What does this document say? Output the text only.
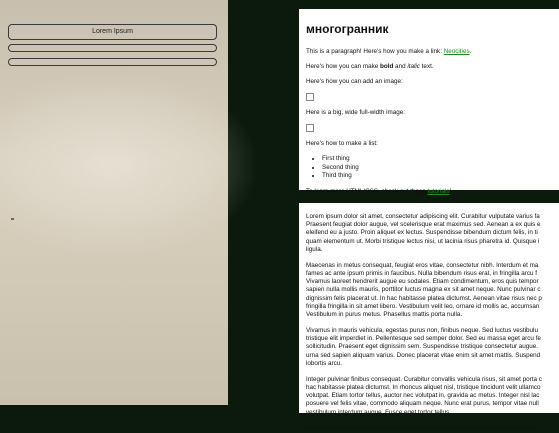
Lorem Ipsum	многогранник

This is a paragraph! Here's how you make a link: Neocities.

Here's how you can make bold and italic text.

Here's how you can add an image:

Here is a big, wide full-width image:

Here's how to make a list:

• First thing
• Second thing
• Third thing

To learn more HTML/CSS, check out these tutorials!

Lorem ipsum dolor sit amet, consectetur adipiscing elit. Curabitur vulputate varius fa
Praesent feugiat dolor augue, vel scelerisque erat maximus sed. Aenean a ex quis e
eleifend eu a justo. Proin aliquet ex lectus. Suspendisse bibendum dictum felis, in ti
quam elementum ut. Morbi tristique lectus nisi, ut lacinia risus pharetra id. Quisque i
ligula.

Maecenas in metus consequat, feugiat eros vitae, consectetur nibh. Interdum et ma
fames ac ante ipsum primis in faucibus. Nulla bibendum risus erat, in fringilla arcu f
Vivamus laoreet hendrerit augue eu sodales. Etiam condimentum, eros quis tempor
sapien nulla mollis mauris, porttitor luctus magna ex sit amet neque. Nunc pulvinar c
dignissim felis placerat ut. In hac habitasse platea dictumst. Aenean vitae risus nec p
fringilla fringilla in sit amet libero. Vestibulum velit leo, ornare id mollis ac, accumsan
Vestibulum in purus metus. Phasellus mattis porta nulla.

Vivamus in mauris vehicula, egestas purus non, finibus neque. Sed luctus vestibulu
tristique elit imperdiet in. Pellentesque sed semper dolor. Sed eu massa eget arcu fe
sollicitudin. Praesent eget dignissim sem. Suspendisse tristique consectetur augue.
urna sed sapien aliquam varius. Donec placerat vitae enim sit amet mattis. Suspend
lobortis arcu.

Integer pulvinar finibus consequat. Curabitur convallis vehicula risus, sit amet porta c
hac habitasse platea dictumst. In rhoncus aliquet nisl, tristique tincidunt velit ullamco
volutpat. Etiam tortor tellus, auctor nec volutpat in, gravida ac metus. Integer nisl lac
posuere vel felis vitae, commodo aliquam neque. Nunc erat purus, tempor vitae null
vestibulum interdum augue. Fusce eget tortor tellus.

Vestibulum malesuada molestie neque, varius mattis velit luctus sit amet. Praesent s
